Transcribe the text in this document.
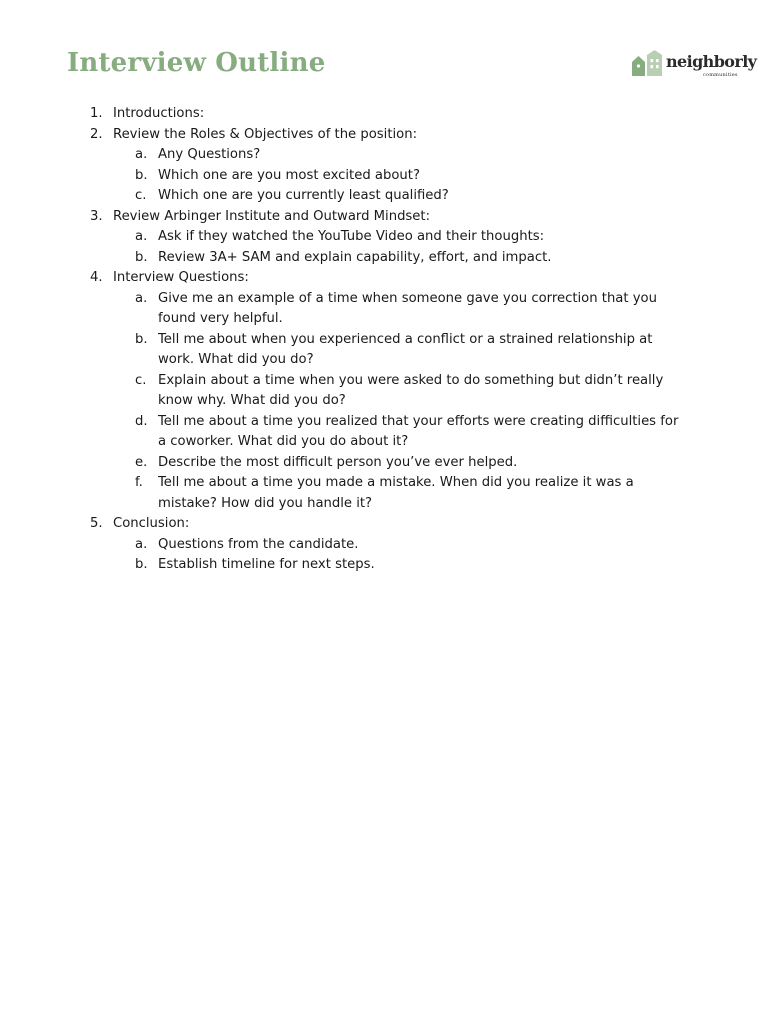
Interview Outline	neighborly
communities
1. Introductions:
2. Review the Roles & Objectives of the position:
a. Any Questions?
b. Which one are you most excited about?
c. Which one are you currently least qualified?
3. Review Arbinger Institute and Outward Mindset:
a. Ask if they watched the YouTube Video and their thoughts:
b. Review 3A+ SAM and explain capability, effort, and impact.
4. Interview Questions:
a. Give me an example of a time when someone gave you correction that you found very helpful.
b. Tell me about when you experienced a conflict or a strained relationship at work. What did you do?
c. Explain about a time when you were asked to do something but didn’t really know why. What did you do?
d. Tell me about a time you realized that your efforts were creating difficulties for a coworker. What did you do about it?
e. Describe the most difficult person you’ve ever helped.
f. Tell me about a time you made a mistake. When did you realize it was a mistake? How did you handle it?
5. Conclusion:
a. Questions from the candidate.
b. Establish timeline for next steps.
